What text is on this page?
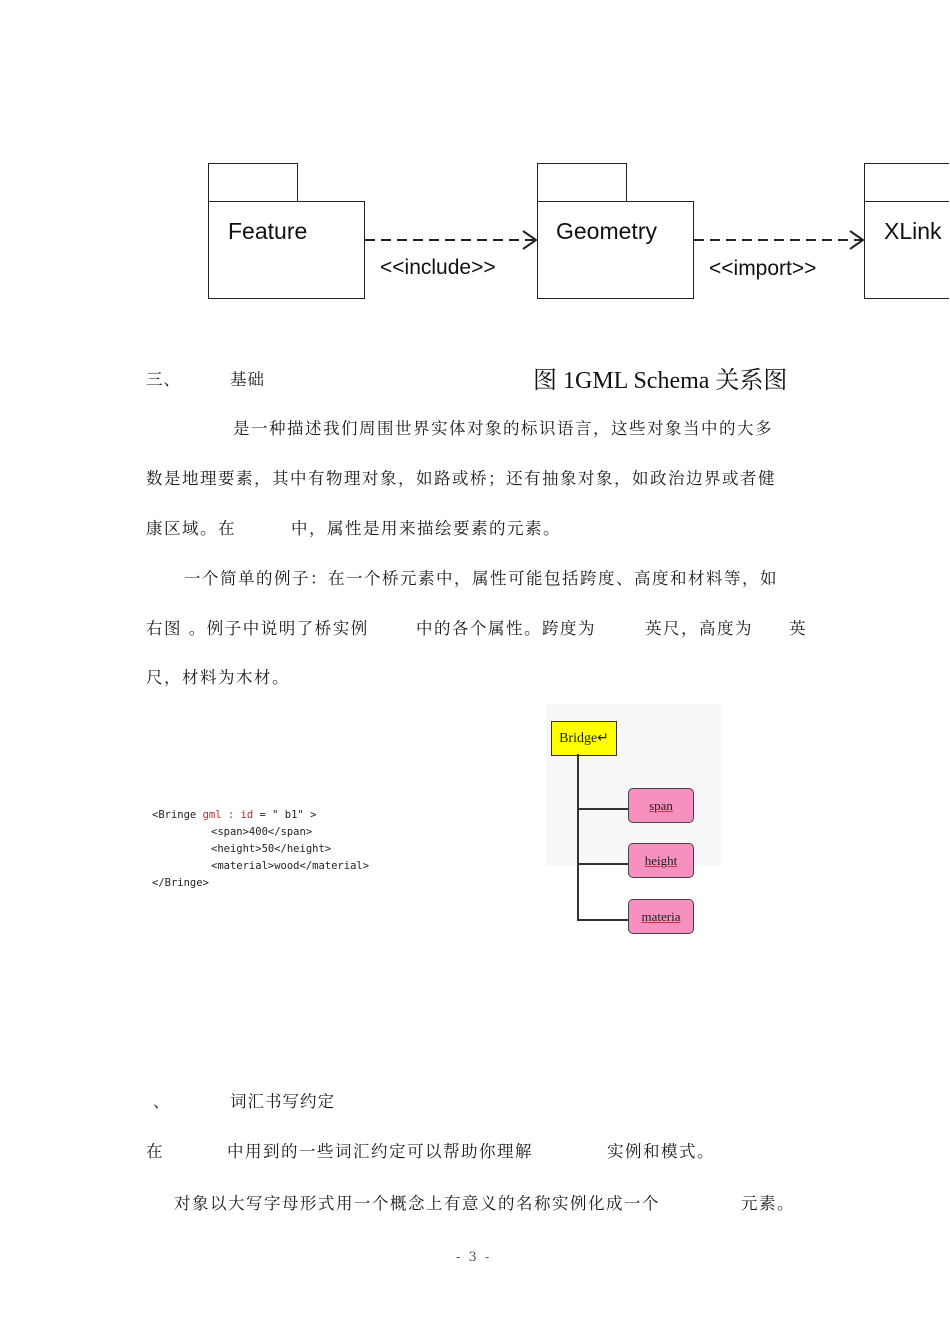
Feature	Geometry	XLink
<<include>>	<<import>>
三、	基础	图 1GML Schema 关系图
是一种描述我们周围世界实体对象的标识语言，这些对象当中的大多
数是地理要素，其中有物理对象，如路或桥；还有抽象对象，如政治边界或者健
康区域。在	中，属性是用来描绘要素的元素。
一个简单的例子：在一个桥元素中，属性可能包括跨度、高度和材料等，如
右图 。例子中说明了桥实例	中的各个属性。跨度为	英尺，高度为 英
尺，材料为木材。
<Bringe gml : id = " b1" >
<span>400</span>
<height>50</height>
<material>wood</material>
</Bringe>
Bridge↵
span
height
materia
、	词汇书写约定
在	中用到的一些词汇约定可以帮助你理解	实例和模式。
对象以大写字母形式用一个概念上有意义的名称实例化成一个	元素。
- 3 -
